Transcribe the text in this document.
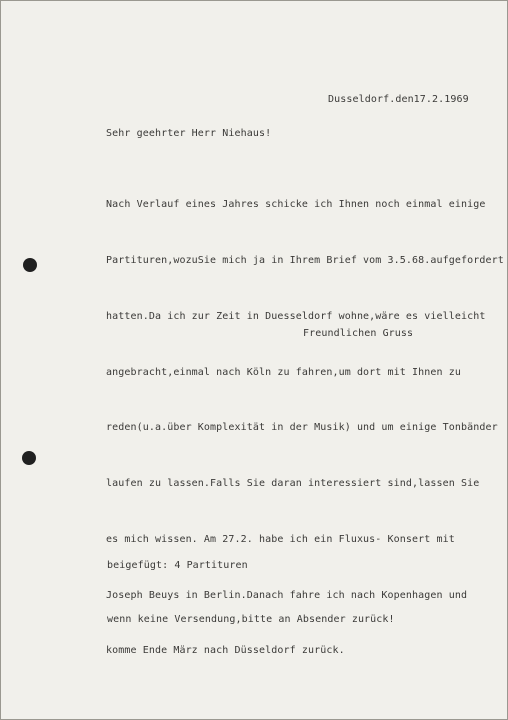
Dusseldorf.den17.2.1969
Sehr geehrter Herr Niehaus!

Nach Verlauf eines Jahres schicke ich Ihnen noch einmal einige

Partituren,wozuSie mich ja in Ihrem Brief vom 3.5.68.aufgefordert

hatten.Da ich zur Zeit in Duesseldorf wohne,wäre es vielleicht

angebracht,einmal nach Köln zu fahren,um dort mit Ihnen zu

reden(u.a.über Komplexität in der Musik) und um einige Tonbänder

laufen zu lassen.Falls Sie daran interessiert sind,lassen Sie

es mich wissen. Am 27.2. habe ich ein Fluxus- Konsert mit

Joseph Beuys in Berlin.Danach fahre ich nach Kopenhagen und

komme Ende März nach Düsseldorf zurück.

Freundlichen Gruss

beigefügt: 4 Partituren

wenn keine Versendung,bitte an Absender zurück!
